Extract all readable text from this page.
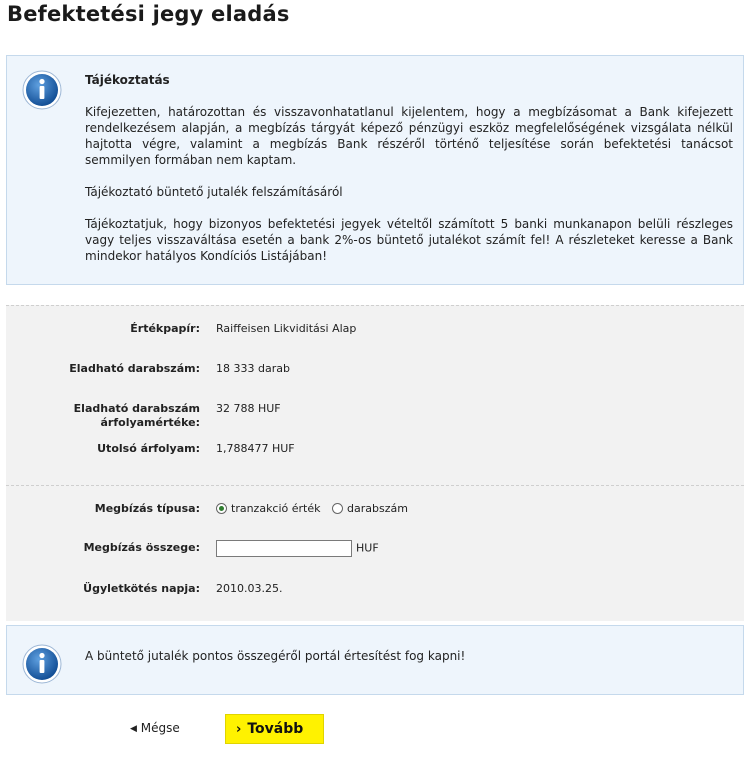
Befektetési jegy eladás

Tájékoztatás

Kifejezetten, határozottan és visszavonhatatlanul kijelentem, hogy a megbízásomat a Bank kifejezett rendelkezésem alapján, a megbízás tárgyát képező pénzügyi eszköz megfelelőségének vizsgálata nélkül hajtotta végre, valamint a megbízás Bank részéről történő teljesítése során befektetési tanácsot semmilyen formában nem kaptam.

Tájékoztató büntető jutalék felszámításáról

Tájékoztatjuk, hogy bizonyos befektetési jegyek vételtől számított 5 banki munkanapon belüli részleges vagy teljes visszaváltása esetén a bank 2%-os büntető jutalékot számít fel! A részleteket keresse a Bank mindekor hatályos Kondíciós Listájában!

Értékpapír: Raiffeisen Likviditási Alap
Eladható darabszám: 18 333 darab
Eladható darabszám árfolyamértéke:
32 788 HUF
Utolsó árfolyam: 1,788477 HUF
Megbízás típusa:	tranzakció érték darabszám
Megbízás összege:	HUF
Ügyletkötés napja: 2010.03.25.
A büntető jutalék pontos összegéről portál értesítést fog kapni!
◀ Mégse	› Tovább
